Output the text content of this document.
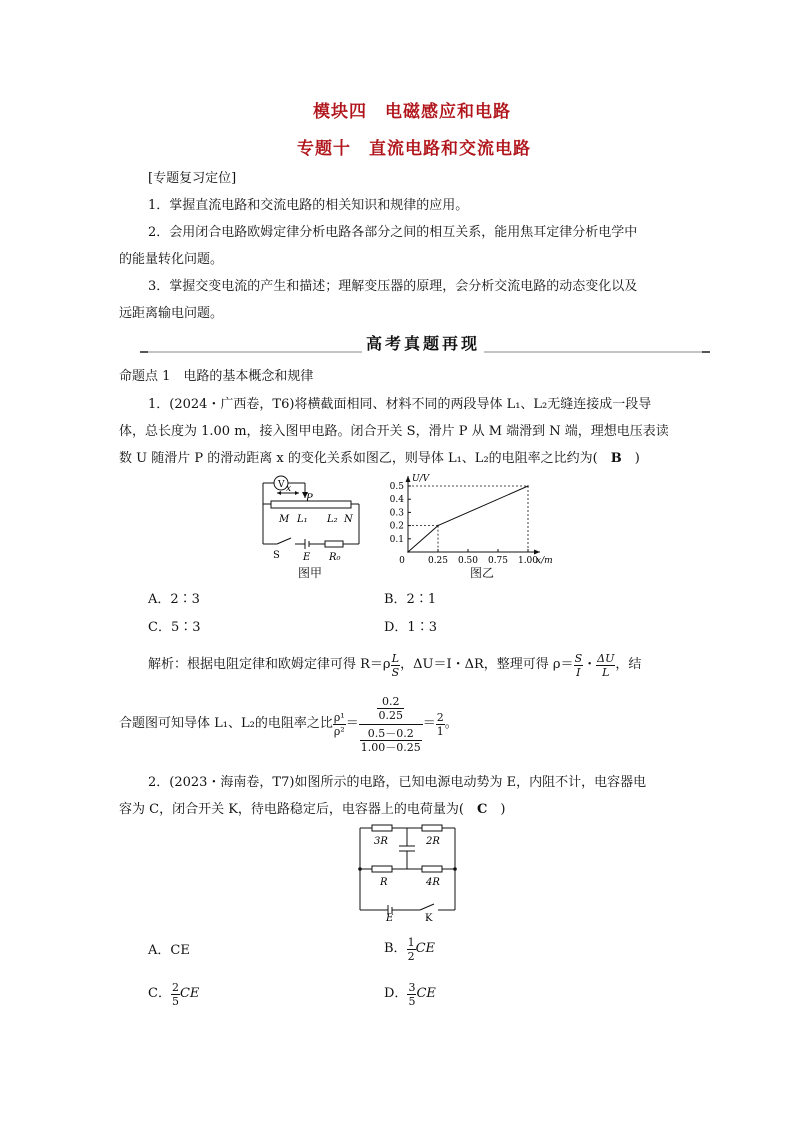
模块四　电磁感应和电路
专题十　直流电路和交流电路
[专题复习定位]
1．掌握直流电路和交流电路的相关知识和规律的应用。
2．会用闭合电路欧姆定律分析电路各部分之间的相互关系，能用焦耳定律分析电学中
的能量转化问题。
3．掌握交变电流的产生和描述；理解变压器的原理，会分析交流电路的动态变化以及
远距离输电问题。
高考真题再现
命题点 1　电路的基本概念和规律
1．(2024・广西卷，T6)将横截面相同、材料不同的两段导体 L₁、L₂无缝连接成一段导
体，总长度为 1.00 m，接入图甲电路。闭合开关 S，滑片 P 从 M 端滑到 N 端，理想电压表读
数 U 随滑片 P 的滑动距离 x 的变化关系如图乙，则导体 L₁、L₂的电阻率之比约为(　B　)
V x
P
M L₁ L₂ N
S E R₀
图甲
0.1
0.2
0.3
0.4
0.5
0	0.25 0.50 0.75 1.00
U/V
x/m
图乙
A．2∶3	B．2∶1
C．5∶3	D．1∶3
解析：根据电阻定律和欧姆定律可得 $R=\rho \frac{L}{S}$ ，ΔU＝I・ΔR，整理可得 $\rho= \frac{S}{I}$ ・ $\frac{\Delta U}{L}$ ，结
合题图可知导体 L₁、L₂的电阻率之比 $\frac{\text{ρ¹}}{\text{ρ²}} = \frac{\frac{0.2}{0.25}}{\frac{0.5-0.2}{1.00-0.25}} = \frac{2}{1}$ 。
2．(2023・海南卷，T7)如图所示的电路，已知电源电动势为 E，内阻不计，电容器电
容为 C，闭合开关 K，待电路稳定后，电容器上的电荷量为(　C　)
3R	2R
R	4R
E	K
A．CE	B． $\frac{1}{2}$ CE
C． $\frac{2}{5}$ CE	D． $\frac{3}{5}$ CE
